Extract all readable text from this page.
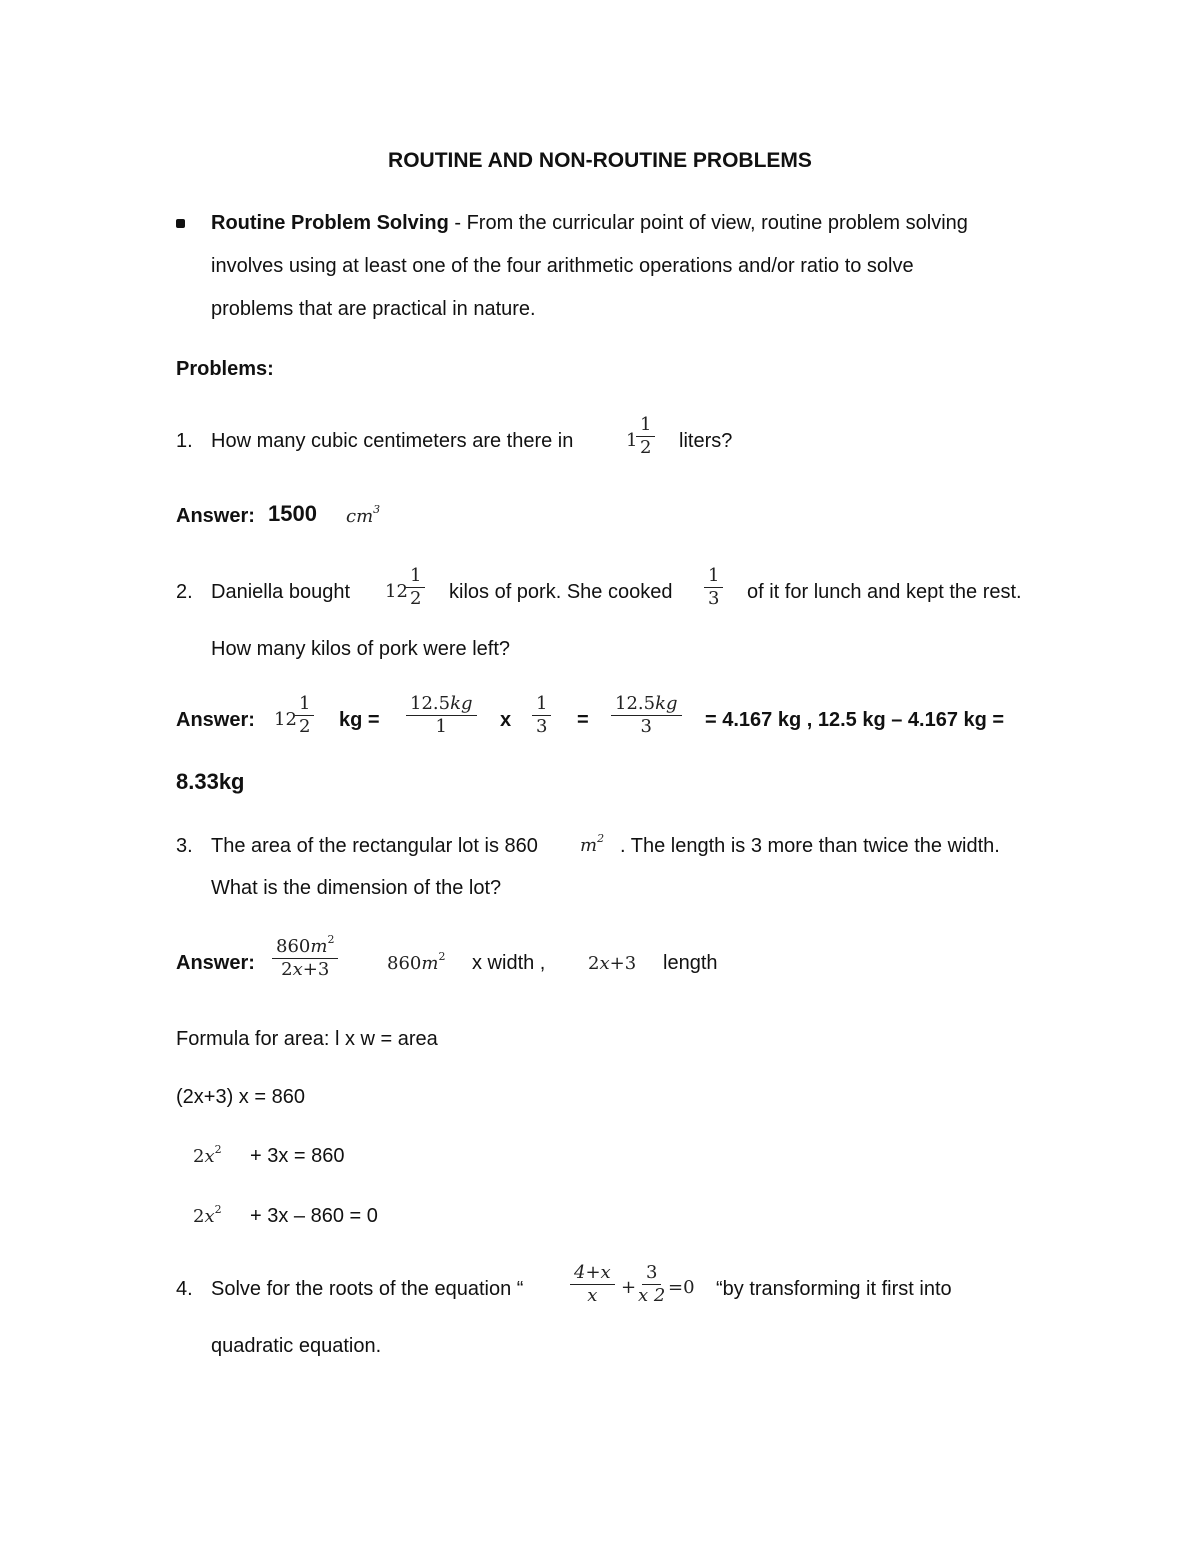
ROUTINE AND NON-ROUTINE PROBLEMS
Routine Problem Solving - From the curricular point of view, routine problem solving
involves using at least one of the four arithmetic operations and/or ratio to solve
problems that are practical in nature.
Problems:
1. How many cubic centimeters are there in	1
$\frac{1}{2}$ liters?
Answer: 1500 $cm^3$
2. Daniella bought 12
$\frac{1}{2}$ kilos of pork. She cooked $\frac{1}{3}$ of it for lunch and kept the rest.
How many kilos of pork were left?
Answer: 12
$\frac{1}{2}$ kg = $\frac{12.5kg}{1}$ x $\frac{1}{3} = \frac{12.5kg}{3} = 4.167$ kg , 12.5 kg – 4.167 kg =
8.33kg
3. The area of the rectangular lot is 860 $m^2$ . The length is 3 more than twice the width.
What is the dimension of the lot?
Answer: $\frac{860m^2}{2x+3}$	$860m^2$ x width , 2x+3 length
Formula for area: l x w = area
(2x+3) x = 860
$2x^2 + 3x = 860$
$2x^2 + 3x - 860 = 0$
4. Solve for the roots of the equation “	$\frac{4+x}{x}$ +
$\frac{3}{x 2}$
=0 “by transforming it first into
quadratic equation.
